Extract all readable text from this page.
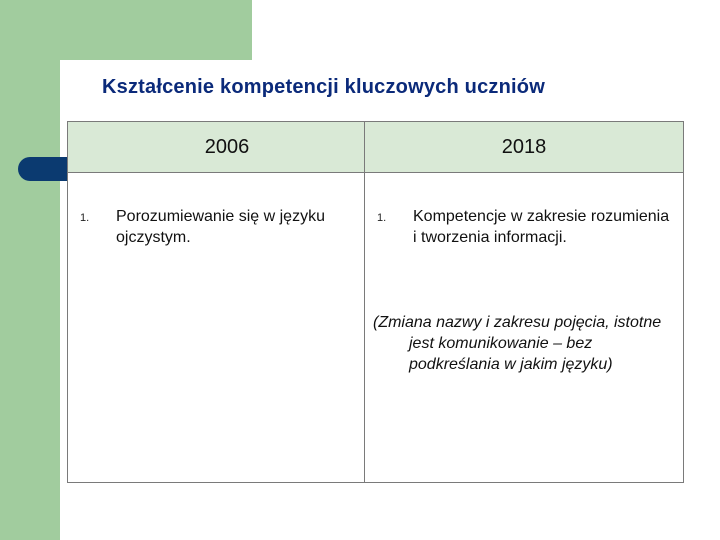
Kształcenie kompetencji kluczowych uczniów
2006
1. Porozumiewanie się w języku ojczystym.
2018
1. Kompetencje w zakresie rozumienia i tworzenia informacji.
(Zmiana nazwy i zakresu pojęcia, istotne jest komunikowanie – bez podkreślania w jakim języku)
